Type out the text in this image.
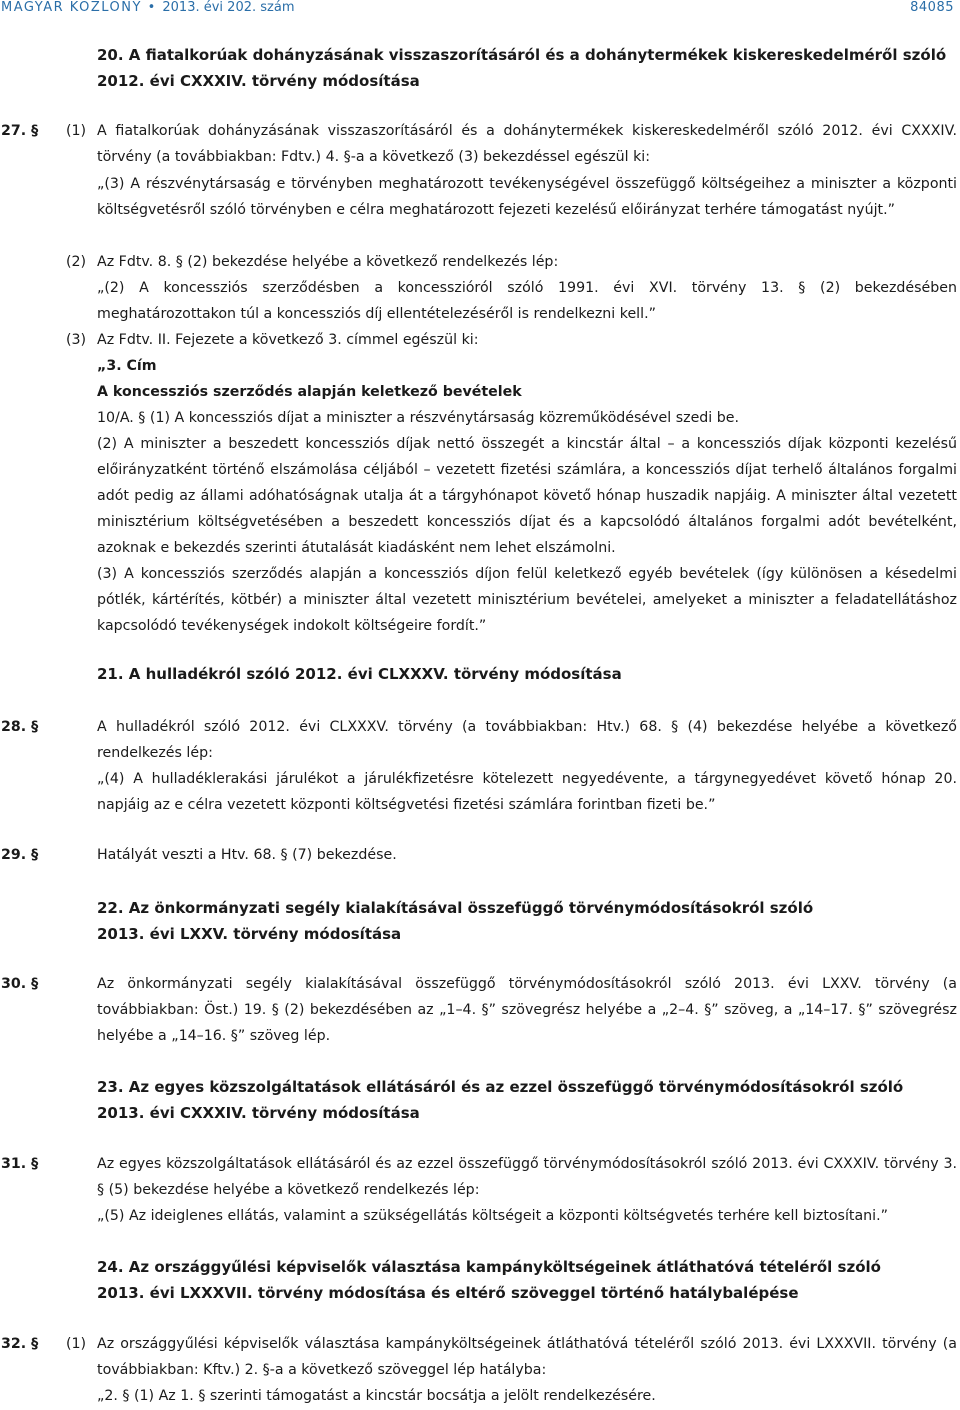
MAGYAR KÖZLÖNY • 2013. évi 202. szám	84085
20. A fiatalkorúak dohányzásának visszaszorításáról és a dohánytermékek kiskereskedelméről szóló
2012. évi CXXXIV. törvény módosítása
27. § (1) A fiatalkorúak dohányzásának visszaszorításáról és a dohánytermékek kiskereskedelméről szóló 2012. évi CXXXIV. törvény (a továbbiakban: Fdtv.) 4. §-a a következő (3) bekezdéssel egészül ki:

„(3) A részvénytársaság e törvényben meghatározott tevékenységével összefüggő költségeihez a miniszter a központi költségvetésről szóló törvényben e célra meghatározott fejezeti kezelésű előirányzat terhére támogatást nyújt.”

(2) Az Fdtv. 8. § (2) bekezdése helyébe a következő rendelkezés lép:

„(2) A koncessziós szerződésben a koncesszióról szóló 1991. évi XVI. törvény 13. § (2) bekezdésében meghatározottakon túl a koncessziós díj ellentételezéséről is rendelkezni kell.”

(3) Az Fdtv. II. Fejezete a következő 3. címmel egészül ki:

„3. Cím

A koncessziós szerződés alapján keletkező bevételek

10/A. § (1) A koncessziós díjat a miniszter a részvénytársaság közreműködésével szedi be.

(2) A miniszter a beszedett koncessziós díjak nettó összegét a kincstár által – a koncessziós díjak központi kezelésű előirányzatként történő elszámolása céljából – vezetett fizetési számlára, a koncessziós díjat terhelő általános forgalmi adót pedig az állami adóhatóságnak utalja át a tárgyhónapot követő hónap huszadik napjáig. A miniszter által vezetett minisztérium költségvetésében a beszedett koncessziós díjat és a kapcsolódó általános forgalmi adót bevételként, azoknak e bekezdés szerinti átutalását kiadásként nem lehet elszámolni.

(3) A koncessziós szerződés alapján a koncessziós díjon felül keletkező egyéb bevételek (így különösen a késedelmi pótlék, kártérítés, kötbér) a miniszter által vezetett minisztérium bevételei, amelyeket a miniszter a feladatellátáshoz kapcsolódó tevékenységek indokolt költségeire fordít.”

21. A hulladékról szóló 2012. évi CLXXXV. törvény módosítása
28. §	A hulladékról szóló 2012. évi CLXXXV. törvény (a továbbiakban: Htv.) 68. § (4) bekezdése helyébe a következő rendelkezés lép:

„(4) A hulladéklerakási járulékot a járulékfizetésre kötelezett negyedévente, a tárgynegyedévet követő hónap 20. napjáig az e célra vezetett központi költségvetési fizetési számlára forintban fizeti be.”

29. §	Hatályát veszti a Htv. 68. § (7) bekezdése.

22. Az önkormányzati segély kialakításával összefüggő törvénymódosításokról szóló
2013. évi LXXV. törvény módosítása
30. §	Az önkormányzati segély kialakításával összefüggő törvénymódosításokról szóló 2013. évi LXXV. törvény (a továbbiakban: Öst.) 19. § (2) bekezdésében az „1–4. §” szövegrész helyébe a „2–4. §” szöveg, a „14–17. §” szövegrész helyébe a „14–16. §” szöveg lép.

23. Az egyes közszolgáltatások ellátásáról és az ezzel összefüggő törvénymódosításokról szóló
2013. évi CXXXIV. törvény módosítása
31. §	Az egyes közszolgáltatások ellátásáról és az ezzel összefüggő törvénymódosításokról szóló 2013. évi CXXXIV. törvény 3. § (5) bekezdése helyébe a következő rendelkezés lép:

„(5) Az ideiglenes ellátás, valamint a szükségellátás költségeit a központi költségvetés terhére kell biztosítani.”

24. Az országgyűlési képviselők választása kampányköltségeinek átláthatóvá tételéről szóló
2013. évi LXXXVII. törvény módosítása és eltérő szöveggel történő hatálybalépése
32. § (1) Az országgyűlési képviselők választása kampányköltségeinek átláthatóvá tételéről szóló 2013. évi LXXXVII. törvény (a továbbiakban: Kftv.) 2. §-a a következő szöveggel lép hatályba:

„2. § (1) Az 1. § szerinti támogatást a kincstár bocsátja a jelölt rendelkezésére.
